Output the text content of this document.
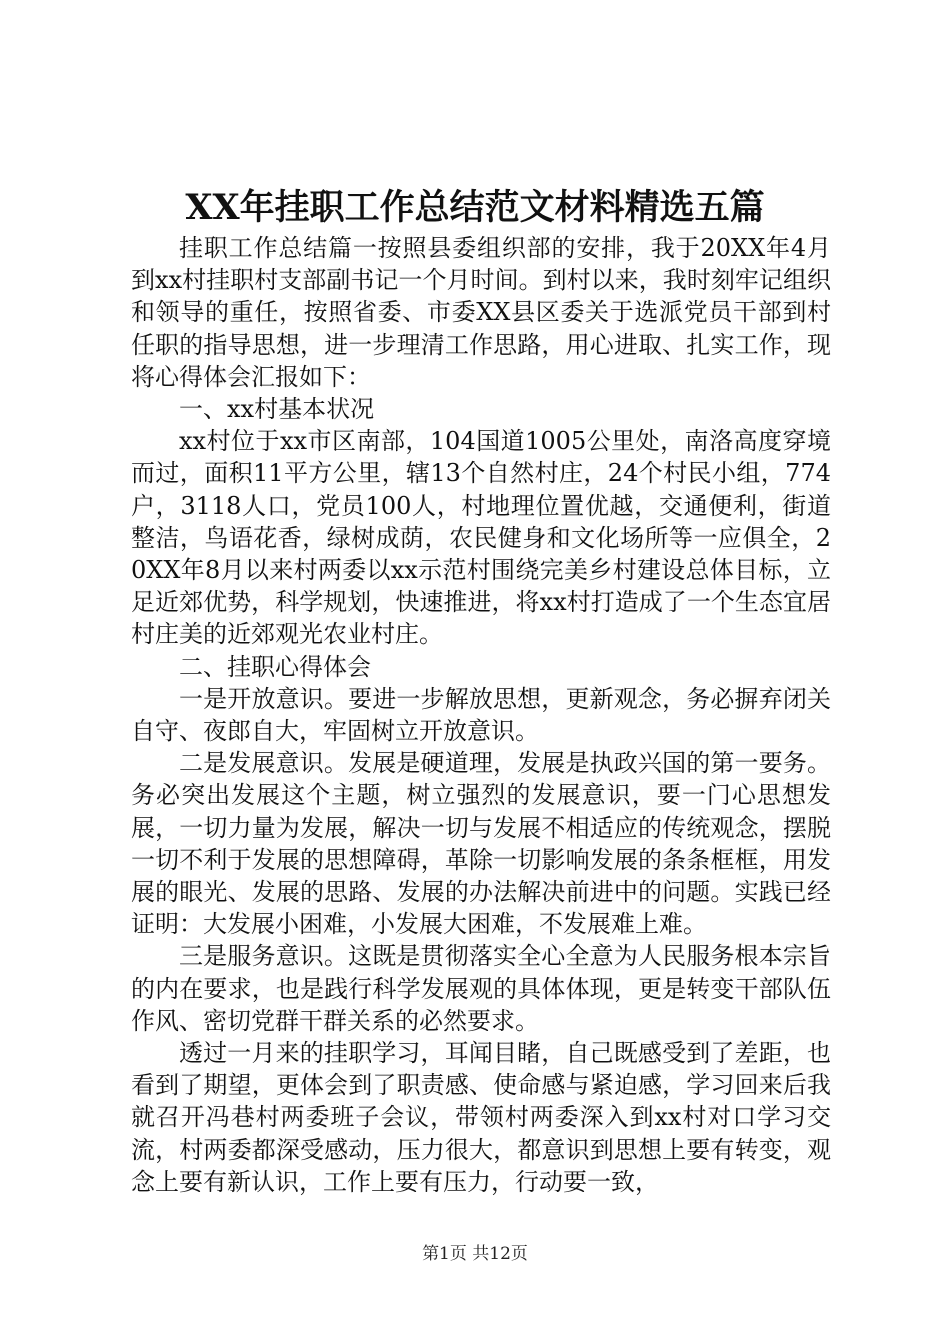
XX年挂职工作总结范文材料精选五篇

挂职工作总结篇一按照县委组织部的安排，我于20XX年4月到xx村挂职村支部副书记一个月时间。到村以来，我时刻牢记组织和领导的重任，按照省委、市委XX县区委关于选派党员干部到村任职的指导思想，进一步理清工作思路，用心进取、扎实工作，现将心得体会汇报如下：

一、xx村基本状况

xx村位于xx市区南部，104国道1005公里处，南洛高度穿境而过，面积11平方公里，辖13个自然村庄，24个村民小组，774户，3118人口，党员100人，村地理位置优越，交通便利，街道整洁，鸟语花香，绿树成荫，农民健身和文化场所等一应俱全，20XX年8月以来村两委以xx示范村围绕完美乡村建设总体目标，立足近郊优势，科学规划，快速推进，将xx村打造成了一个生态宜居村庄美的近郊观光农业村庄。

二、挂职心得体会

一是开放意识。要进一步解放思想，更新观念，务必摒弃闭关自守、夜郎自大，牢固树立开放意识。

二是发展意识。发展是硬道理，发展是执政兴国的第一要务。务必突出发展这个主题，树立强烈的发展意识，要一门心思想发展，一切力量为发展，解决一切与发展不相适应的传统观念，摆脱一切不利于发展的思想障碍，革除一切影响发展的条条框框，用发展的眼光、发展的思路、发展的办法解决前进中的问题。实践已经证明：大发展小困难，小发展大困难，不发展难上难。

三是服务意识。这既是贯彻落实全心全意为人民服务根本宗旨的内在要求，也是践行科学发展观的具体体现，更是转变干部队伍作风、密切党群干群关系的必然要求。

透过一月来的挂职学习，耳闻目睹，自己既感受到了差距，也看到了期望，更体会到了职责感、使命感与紧迫感，学习回来后我就召开冯巷村两委班子会议，带领村两委深入到xx村对口学习交流，村两委都深受感动，压力很大，都意识到思想上要有转变，观念上要有新认识，工作上要有压力，行动要一致，

第1页 共12页
